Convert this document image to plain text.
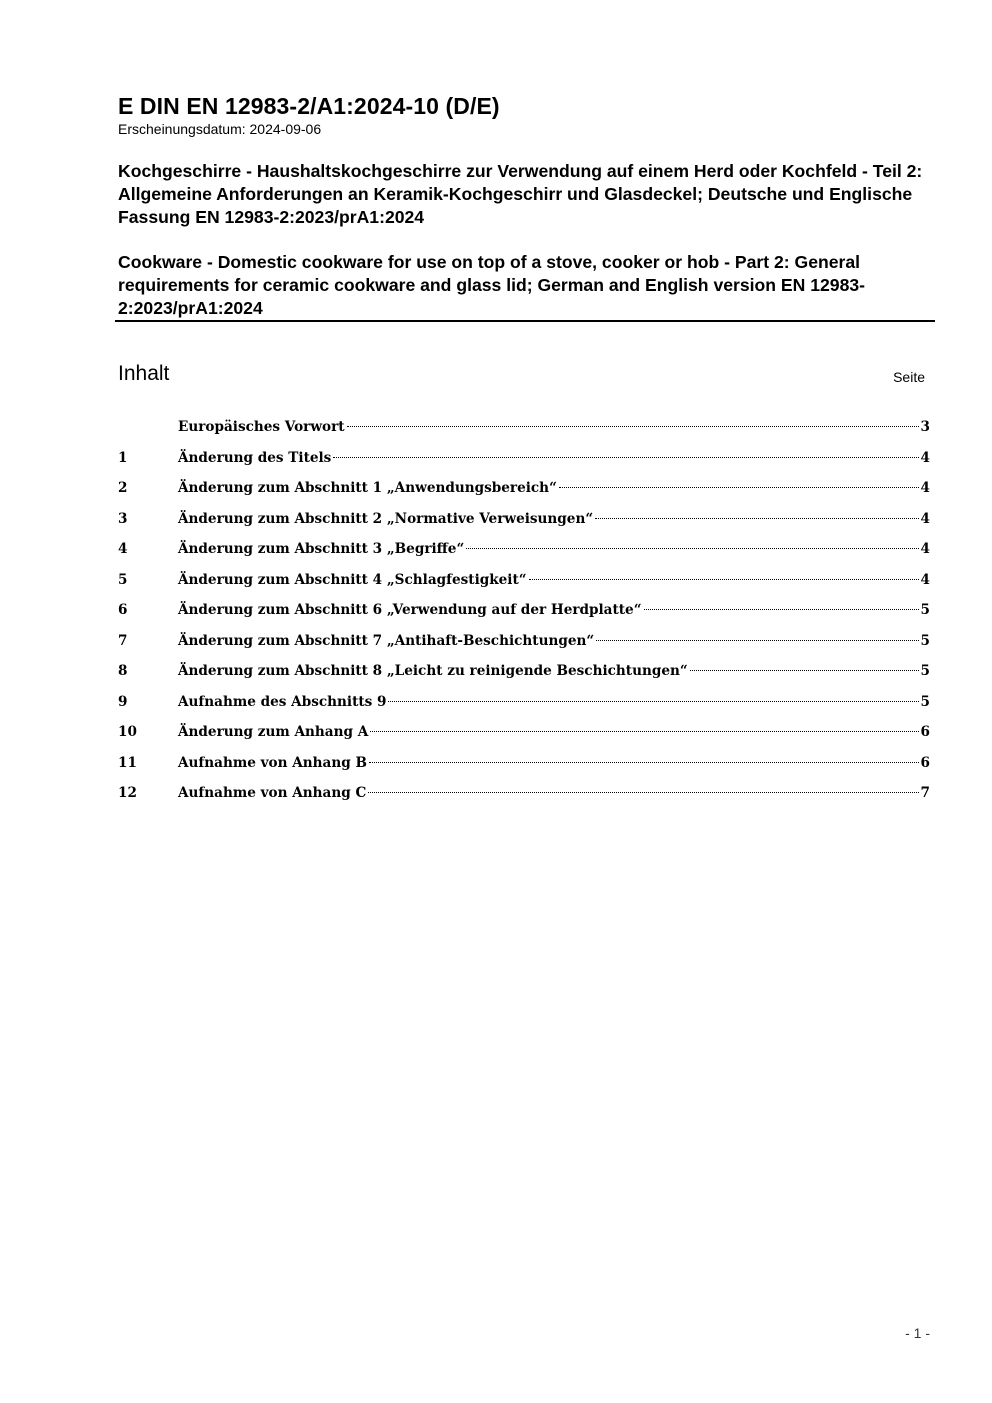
E DIN EN 12983-2/A1:2024-10 (D/E)
Erscheinungsdatum: 2024-09-06
Kochgeschirre - Haushaltskochgeschirre zur Verwendung auf einem Herd oder Kochfeld - Teil 2: Allgemeine Anforderungen an Keramik-Kochgeschirr und Glasdeckel; Deutsche und Englische Fassung EN 12983-2:2023/prA1:2024
Cookware - Domestic cookware for use on top of a stove, cooker or hob - Part 2: General requirements for ceramic cookware and glass lid; German and English version EN 12983-2:2023/prA1:2024
Inhalt	Seite
Europäisches Vorwort	3
1	Änderung des Titels	4
2	Änderung zum Abschnitt 1 „Anwendungsbereich“	4
3	Änderung zum Abschnitt 2 „Normative Verweisungen“	4
4	Änderung zum Abschnitt 3 „Begriffe“	4
5	Änderung zum Abschnitt 4 „Schlagfestigkeit“	4
6	Änderung zum Abschnitt 6 „Verwendung auf der Herdplatte“	5
7	Änderung zum Abschnitt 7 „Antihaft-Beschichtungen“	5
8	Änderung zum Abschnitt 8 „Leicht zu reinigende Beschichtungen“	5
9	Aufnahme des Abschnitts 9	5
10	Änderung zum Anhang A	6
11	Aufnahme von Anhang B	6
12	Aufnahme von Anhang C	7
- 1 -
